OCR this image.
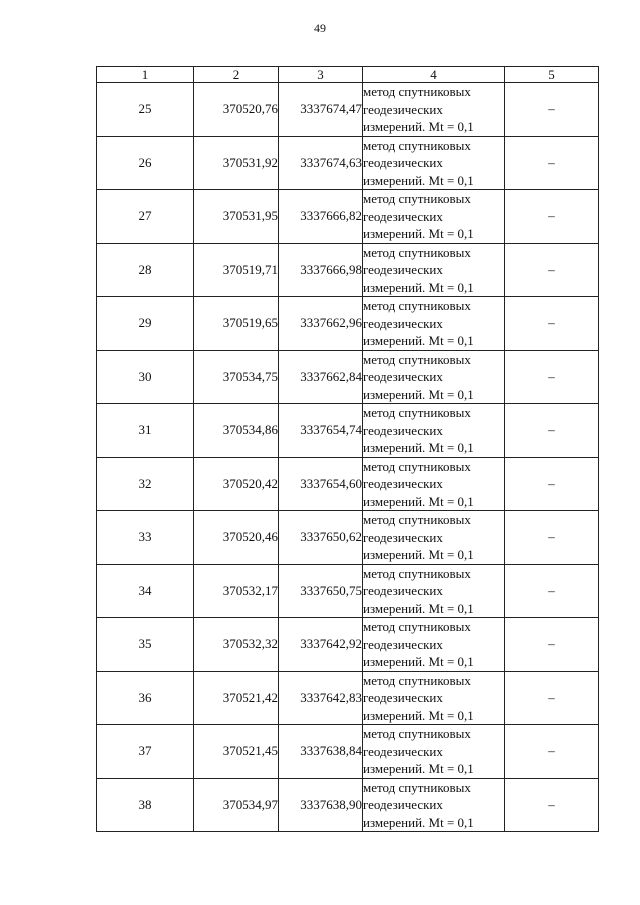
49
1	2	3	4	5
25	370520,76	3337674,47	метод спутниковых
геодезических
измерений. Mt = 0,1	–
26	370531,92	3337674,63	метод спутниковых
геодезических
измерений. Mt = 0,1	–
27	370531,95	3337666,82	метод спутниковых
геодезических
измерений. Mt = 0,1	–
28	370519,71	3337666,98	метод спутниковых
геодезических
измерений. Mt = 0,1	–
29	370519,65	3337662,96	метод спутниковых
геодезических
измерений. Mt = 0,1	–
30	370534,75	3337662,84	метод спутниковых
геодезических
измерений. Mt = 0,1	–
31	370534,86	3337654,74	метод спутниковых
геодезических
измерений. Mt = 0,1	–
32	370520,42	3337654,60	метод спутниковых
геодезических
измерений. Mt = 0,1	–
33	370520,46	3337650,62	метод спутниковых
геодезических
измерений. Mt = 0,1	–
34	370532,17	3337650,75	метод спутниковых
геодезических
измерений. Mt = 0,1	–
35	370532,32	3337642,92	метод спутниковых
геодезических
измерений. Mt = 0,1	–
36	370521,42	3337642,83	метод спутниковых
геодезических
измерений. Mt = 0,1	–
37	370521,45	3337638,84	метод спутниковых
геодезических
измерений. Mt = 0,1	–
38	370534,97	3337638,90	метод спутниковых
геодезических
измерений. Mt = 0,1	–
